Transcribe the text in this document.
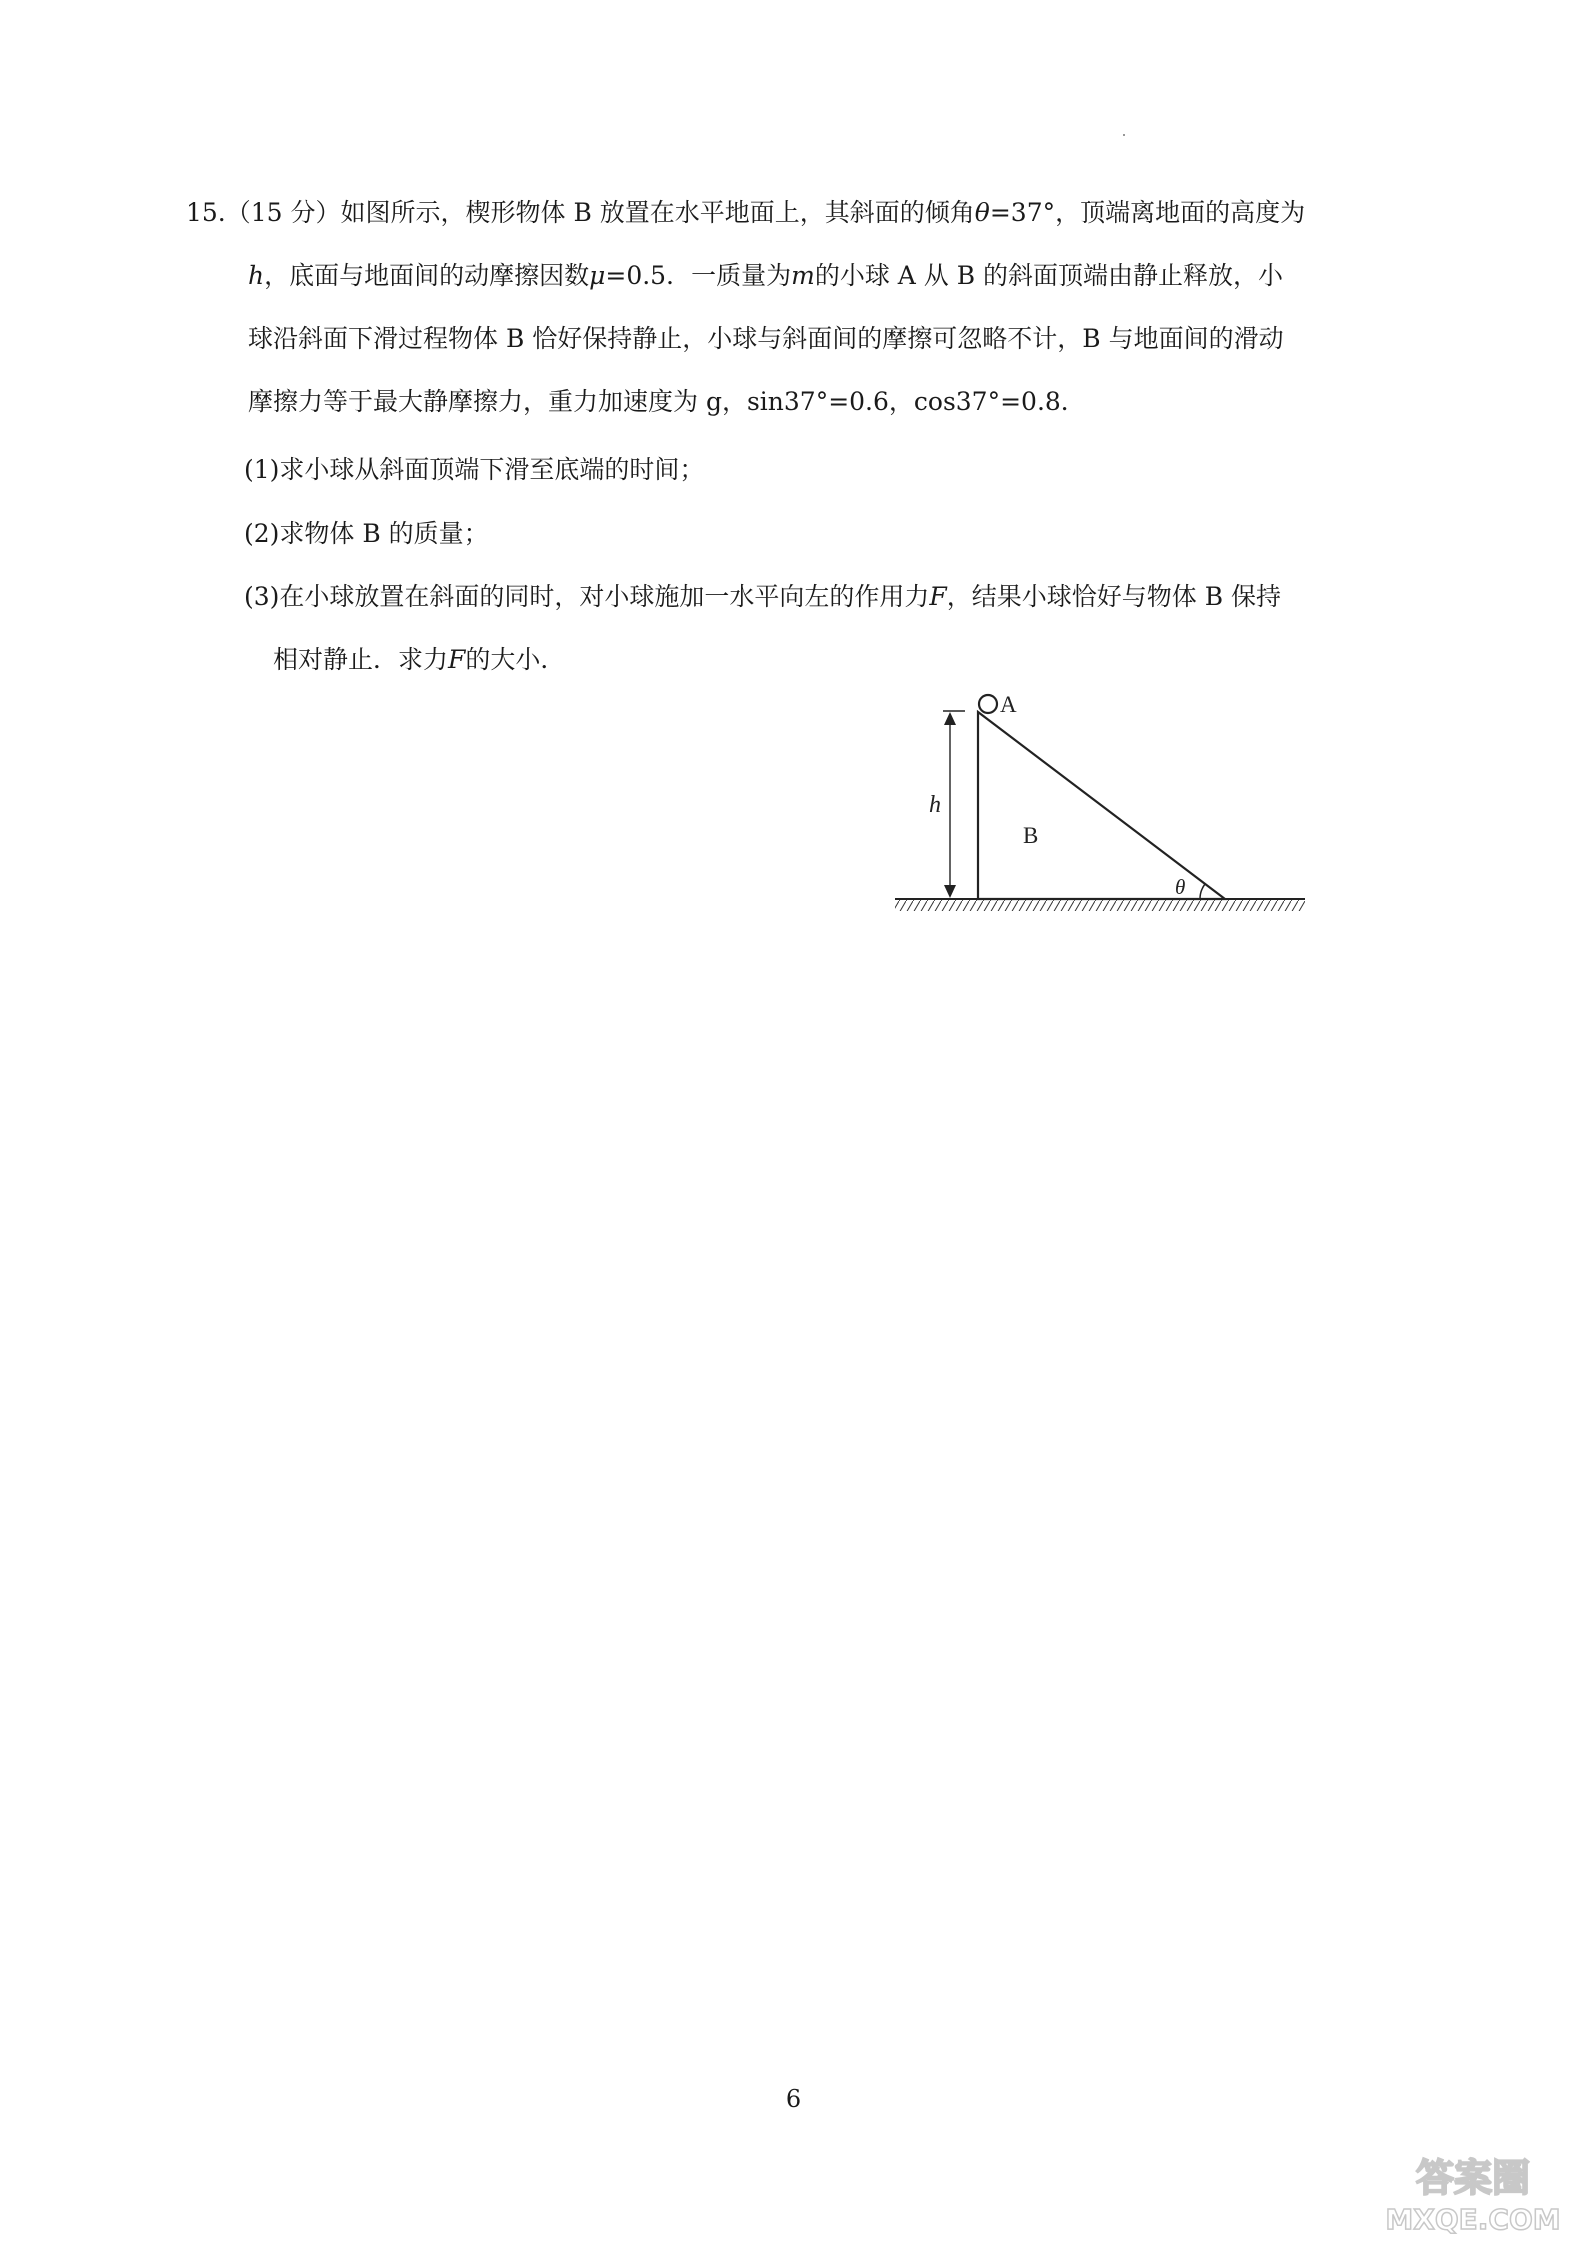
15.（15 分）如图所示，楔形物体 B 放置在水平地面上，其斜面的倾角θ=37°，顶端离地面的高度为
h，底面与地面间的动摩擦因数μ=0.5．一质量为m的小球 A 从 B 的斜面顶端由静止释放，小
球沿斜面下滑过程物体 B 恰好保持静止，小球与斜面间的摩擦可忽略不计，B 与地面间的滑动
摩擦力等于最大静摩擦力，重力加速度为 g，sin37°=0.6，cos37°=0.8．
(1)求小球从斜面顶端下滑至底端的时间；
(2)求物体 B 的质量；
(3)在小球放置在斜面的同时，对小球施加一水平向左的作用力F，结果小球恰好与物体 B 保持
相对静止．求力F的大小．
A
h
B
θ
6
答案圈
MXQE.COM
